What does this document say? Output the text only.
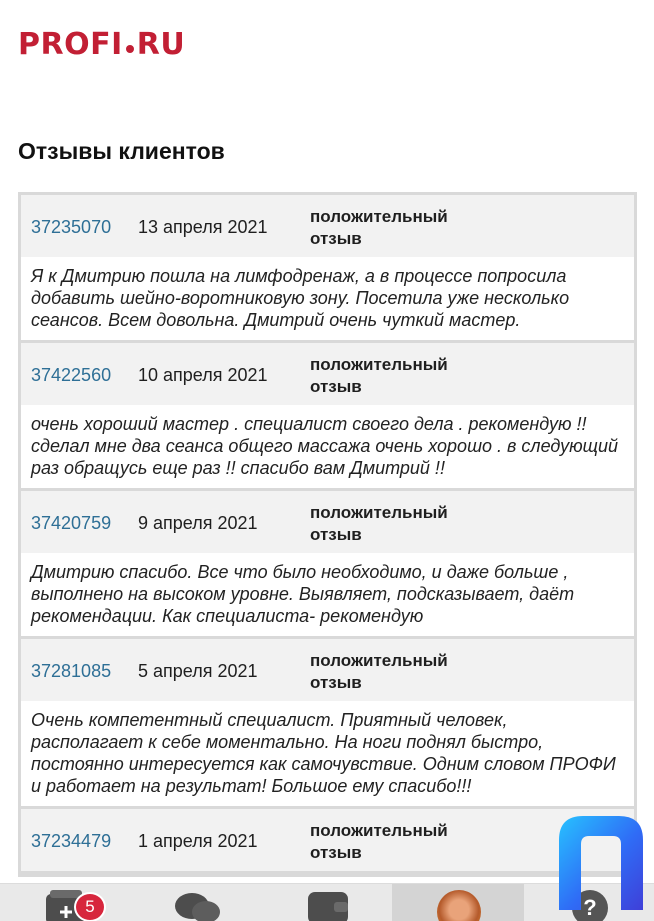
PROFI RU
Отзывы клиентов
37235070 13 апреля 2021
положительный отзыв
Я к Дмитрию пошла на лимфодренаж, а в процессе попросила добавить шейно-воротниковую зону. Посетила уже несколько сеансов. Всем довольна. Дмитрий очень чуткий мастер.
37422560 10 апреля 2021
положительный отзыв
очень хороший мастер . специалист своего дела . рекомендую !! сделал мне два сеанса общего массажа очень хорошо . в следующий раз обращусь еще раз !! спасибо вам Дмитрий !!
37420759 9 апреля 2021
положительный отзыв
Дмитрию спасибо. Все что было необходимо, и даже больше , выполнено на высоком уровне. Выявляет, подсказывает, даёт рекомендации. Как специалиста- рекомендую
37281085 5 апреля 2021
положительный отзыв
Очень компетентный специалист. Приятный человек, располагает к себе моментально. На ноги поднял быстро, постоянно интересуется как самочувствие. Одним словом ПРОФИ и работает на результат! Большое ему спасибо!!!
37234479 1 апреля 2021
положительный отзыв
5	?
